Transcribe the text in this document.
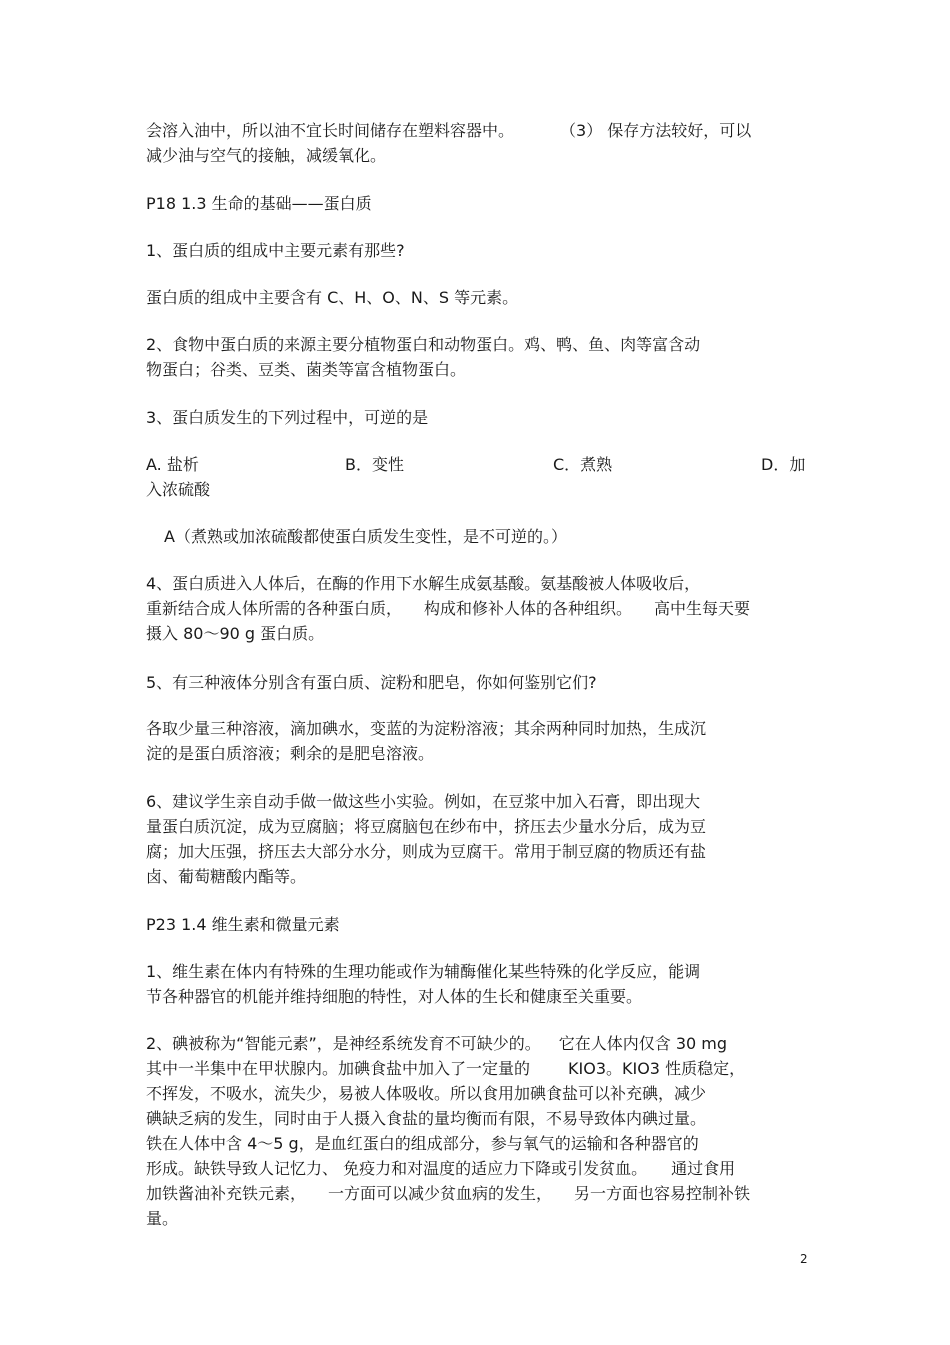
会溶入油中，所以油不宜长时间储存在塑料容器中。	（3） 保存方法较好，可以
减少油与空气的接触，减缓氧化。
P18 1.3 生命的基础——蛋白质
1、蛋白质的组成中主要元素有那些?
蛋白质的组成中主要含有 C、H、O、N、S 等元素。
2、食物中蛋白质的来源主要分植物蛋白和动物蛋白。鸡、鸭、鱼、肉等富含动
物蛋白；谷类、豆类、菌类等富含植物蛋白。
3、蛋白质发生的下列过程中，可逆的是
A. 盐析	B．变性	C．煮熟	D．加
入浓硫酸
A（煮熟或加浓硫酸都使蛋白质发生变性，是不可逆的。）
4、蛋白质进入人体后，在酶的作用下水解生成氨基酸。氨基酸被人体吸收后，
重新结合成人体所需的各种蛋白质， 构成和修补人体的各种组织。 高中生每天要
摄入 80～90 g 蛋白质。
5、有三种液体分别含有蛋白质、淀粉和肥皂，你如何鉴别它们?
各取少量三种溶液，滴加碘水，变蓝的为淀粉溶液；其余两种同时加热，生成沉
淀的是蛋白质溶液；剩余的是肥皂溶液。
6、建议学生亲自动手做一做这些小实验。例如，在豆浆中加入石膏，即出现大
量蛋白质沉淀，成为豆腐脑；将豆腐脑包在纱布中，挤压去少量水分后，成为豆
腐；加大压强，挤压去大部分水分，则成为豆腐干。常用于制豆腐的物质还有盐
卤、葡萄糖酸内酯等。
P23 1.4 维生素和微量元素
1、维生素在体内有特殊的生理功能或作为辅酶催化某些特殊的化学反应，能调
节各种器官的机能并维持细胞的特性，对人体的生长和健康至关重要。
2、碘被称为“智能元素”，是神经系统发育不可缺少的。 它在人体内仅含 30 mg
其中一半集中在甲状腺内。加碘食盐中加入了一定量的 KIO3。KIO3 性质稳定，
不挥发，不吸水，流失少，易被人体吸收。所以食用加碘食盐可以补充碘，减少
碘缺乏病的发生，同时由于人摄入食盐的量均衡而有限，不易导致体内碘过量。
铁在人体中含 4～5 g，是血红蛋白的组成部分，参与氧气的运输和各种器官的
形成。缺铁导致人记忆力、 免疫力和对温度的适应力下降或引发贫血。 通过食用
加铁酱油补充铁元素， 一方面可以减少贫血病的发生， 另一方面也容易控制补铁
量。
2
